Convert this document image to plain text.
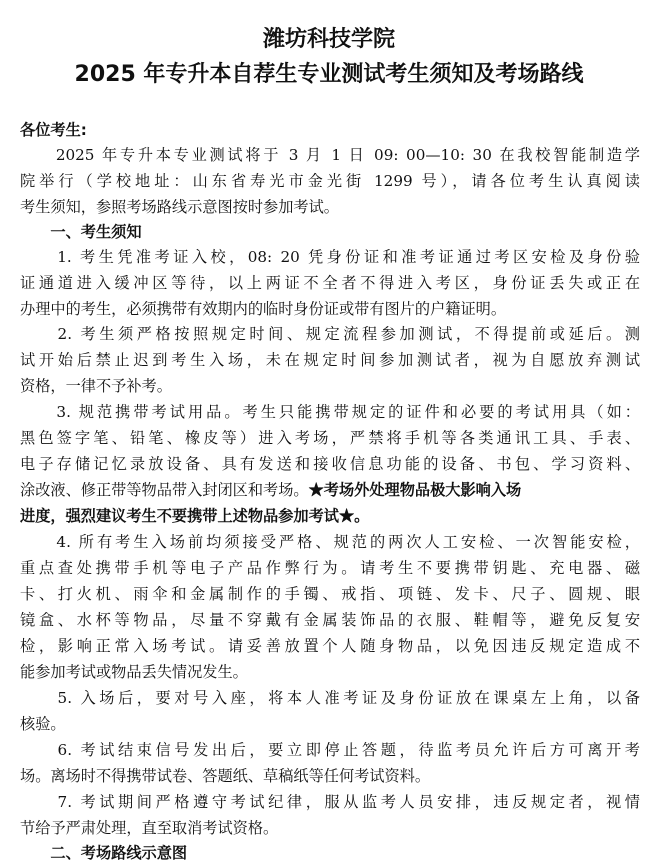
潍坊科技学院
2025 年专升本自荐生专业测试考生须知及考场路线
各位考生:
　　2025 年专升本专业测试将于 3 月 1 日 09: 00—10: 30 在我校智能制造学
院举行（学校地址：山东省寿光市金光街 1299 号），请各位考生认真阅读
考生须知，参照考场路线示意图按时参加考试。
　　一、考生须知
　　1. 考生凭准考证入校，08: 20 凭身份证和准考证通过考区安检及身份验
证通道进入缓冲区等待，以上两证不全者不得进入考区，身份证丢失或正在
办理中的考生，必须携带有效期内的临时身份证或带有图片的户籍证明。
　　2. 考生须严格按照规定时间、规定流程参加测试，不得提前或延后。测
试开始后禁止迟到考生入场，未在规定时间参加测试者，视为自愿放弃测试
资格，一律不予补考。
　　3. 规范携带考试用品。考生只能携带规定的证件和必要的考试用具（如：
黑色签字笔、铅笔、橡皮等）进入考场，严禁将手机等各类通讯工具、手表、
电子存储记忆录放设备、具有发送和接收信息功能的设备、书包、学习资料、
涂改液、修正带等物品带入封闭区和考场。★考场外处理物品极大影响入场
进度，强烈建议考生不要携带上述物品参加考试★。
　　4. 所有考生入场前均须接受严格、规范的两次人工安检、一次智能安检，
重点查处携带手机等电子产品作弊行为。请考生不要携带钥匙、充电器、磁
卡、打火机、雨伞和金属制作的手镯、戒指、项链、发卡、尺子、圆规、眼
镜盒、水杯等物品，尽量不穿戴有金属装饰品的衣服、鞋帽等，避免反复安
检，影响正常入场考试。请妥善放置个人随身物品，以免因违反规定造成不
能参加考试或物品丢失情况发生。
　　5. 入场后，要对号入座，将本人准考证及身份证放在课桌左上角，以备
核验。
　　6. 考试结束信号发出后，要立即停止答题，待监考员允许后方可离开考
场。离场时不得携带试卷、答题纸、草稿纸等任何考试资料。
　　7. 考试期间严格遵守考试纪律，服从监考人员安排，违反规定者，视情
节给予严肃处理，直至取消考试资格。
　　二、考场路线示意图
